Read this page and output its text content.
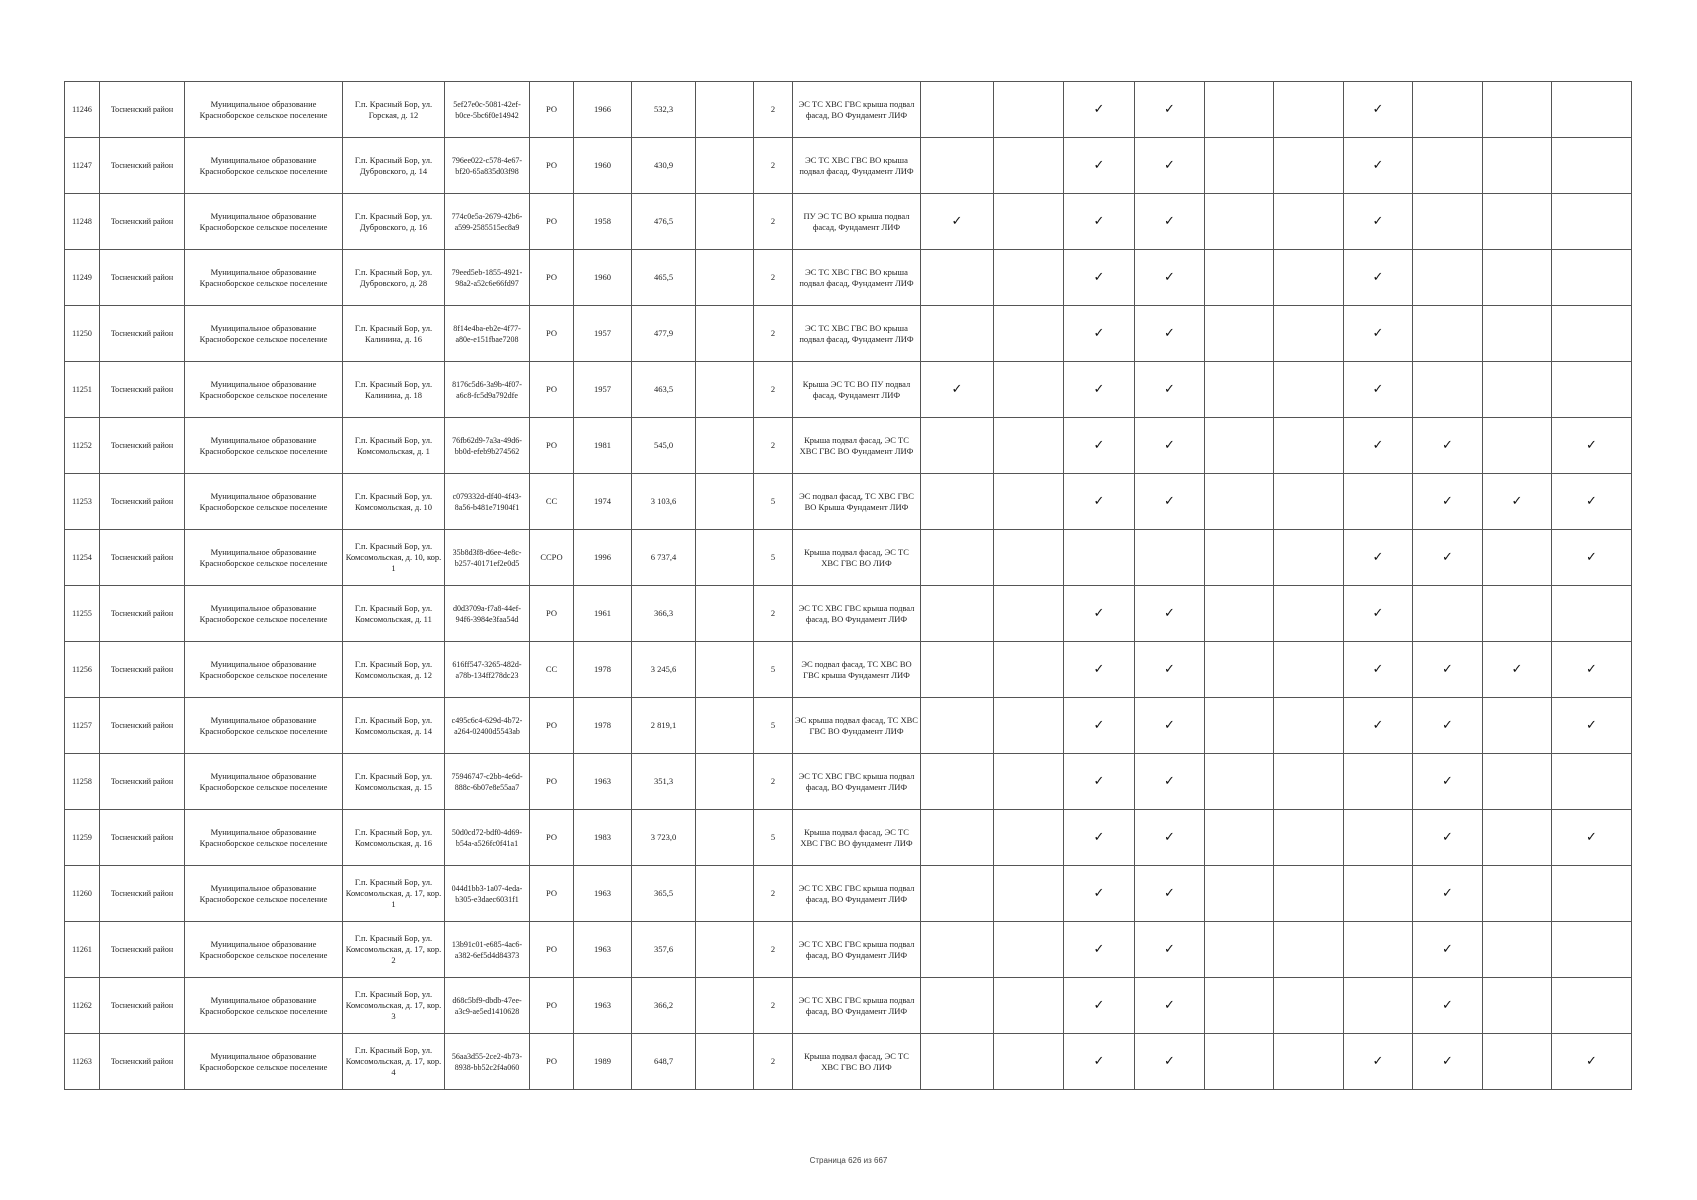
11246	Тосненский район	Муниципальное образование Красноборское сельское поселение	Г.п. Красный Бор, ул. Горская, д. 12	5ef27e0c-5081-42ef-b0ce-5bc6f0e14942	РО	1966	532,3		2	ЭС ТС ХВС ГВС крыша подвал фасад, ВО Фундамент ЛИФ			✓	✓			✓			
11247	Тосненский район	Муниципальное образование Красноборское сельское поселение	Г.п. Красный Бор, ул. Дубровского, д. 14	796ee022-c578-4e67-bf20-65a835d03f98	РО	1960	430,9		2	ЭС ТС ХВС ГВС ВО крыша подвал фасад, Фундамент ЛИФ			✓	✓			✓			
11248	Тосненский район	Муниципальное образование Красноборское сельское поселение	Г.п. Красный Бор, ул. Дубровского, д. 16	774c0e5a-2679-42b6-a599-2585515ec8a9	РО	1958	476,5		2	ПУ ЭС ТС ВО крыша подвал фасад, Фундамент ЛИФ	✓		✓	✓			✓			
11249	Тосненский район	Муниципальное образование Красноборское сельское поселение	Г.п. Красный Бор, ул. Дубровского, д. 28	79eed5eb-1855-4921-98a2-a52c6e66fd97	РО	1960	465,5		2	ЭС ТС ХВС ГВС ВО крыша подвал фасад, Фундамент ЛИФ			✓	✓			✓			
11250	Тосненский район	Муниципальное образование Красноборское сельское поселение	Г.п. Красный Бор, ул. Калинина, д. 16	8f14e4ba-eb2e-4f77-a80e-e151fbae7208	РО	1957	477,9		2	ЭС ТС ХВС ГВС ВО крыша подвал фасад, Фундамент ЛИФ			✓	✓			✓			
11251	Тосненский район	Муниципальное образование Красноборское сельское поселение	Г.п. Красный Бор, ул. Калинина, д. 18	8176c5d6-3a9b-4f07-a6c8-fc5d9a792dfe	РО	1957	463,5		2	Крыша ЭС ТС ВО ПУ подвал фасад, Фундамент ЛИФ	✓		✓	✓			✓			
11252	Тосненский район	Муниципальное образование Красноборское сельское поселение	Г.п. Красный Бор, ул. Комсомольская, д. 1	76fb62d9-7a3a-49d6-bb0d-efeb9b274562	РО	1981	545,0		2	Крыша подвал фасад, ЭС ТС ХВС ГВС ВО Фундамент ЛИФ			✓	✓			✓	✓		✓
11253	Тосненский район	Муниципальное образование Красноборское сельское поселение	Г.п. Красный Бор, ул. Комсомольская, д. 10	c079332d-df40-4f43-8a56-b481e71904f1	СС	1974	3 103,6		5	ЭС подвал фасад, ТС ХВС ГВС ВО Крыша Фундамент ЛИФ			✓	✓				✓	✓	✓
11254	Тосненский район	Муниципальное образование Красноборское сельское поселение	Г.п. Красный Бор, ул. Комсомольская, д. 10, кор. 1	35b8d3f8-d6ee-4e8c-b257-40171ef2e0d5	ССРО	1996	6 737,4		5	Крыша подвал фасад, ЭС ТС ХВС ГВС ВО ЛИФ							✓	✓		✓
11255	Тосненский район	Муниципальное образование Красноборское сельское поселение	Г.п. Красный Бор, ул. Комсомольская, д. 11	d0d3709a-f7a8-44ef-94f6-3984e3faa54d	РО	1961	366,3		2	ЭС ТС ХВС ГВС крыша подвал фасад, ВО Фундамент ЛИФ			✓	✓			✓			
11256	Тосненский район	Муниципальное образование Красноборское сельское поселение	Г.п. Красный Бор, ул. Комсомольская, д. 12	616ff547-3265-482d-a78b-134ff278dc23	СС	1978	3 245,6		5	ЭС подвал фасад, ТС ХВС ВО ГВС крыша Фундамент ЛИФ			✓	✓			✓	✓	✓	✓
11257	Тосненский район	Муниципальное образование Красноборское сельское поселение	Г.п. Красный Бор, ул. Комсомольская, д. 14	c495c6c4-629d-4b72-a264-02400d5543ab	РО	1978	2 819,1		5	ЭС крыша подвал фасад, ТС ХВС ГВС ВО Фундамент ЛИФ			✓	✓			✓	✓		✓
11258	Тосненский район	Муниципальное образование Красноборское сельское поселение	Г.п. Красный Бор, ул. Комсомольская, д. 15	75946747-c2bb-4e6d-888c-6b07e8e55aa7	РО	1963	351,3		2	ЭС ТС ХВС ГВС крыша подвал фасад, ВО Фундамент ЛИФ			✓	✓				✓		
11259	Тосненский район	Муниципальное образование Красноборское сельское поселение	Г.п. Красный Бор, ул. Комсомольская, д. 16	50d0cd72-bdf0-4d69-b54a-a526fc0f41a1	РО	1983	3 723,0		5	Крыша подвал фасад, ЭС ТС ХВС ГВС ВО фундамент ЛИФ			✓	✓				✓		✓
11260	Тосненский район	Муниципальное образование Красноборское сельское поселение	Г.п. Красный Бор, ул. Комсомольская, д. 17, кор. 1	044d1bb3-1a07-4eda-b305-e3daec6031f1	РО	1963	365,5		2	ЭС ТС ХВС ГВС крыша подвал фасад, ВО Фундамент ЛИФ			✓	✓				✓		
11261	Тосненский район	Муниципальное образование Красноборское сельское поселение	Г.п. Красный Бор, ул. Комсомольская, д. 17, кор. 2	13b91c01-e685-4ac6-a382-6ef5d4d84373	РО	1963	357,6		2	ЭС ТС ХВС ГВС крыша подвал фасад, ВО Фундамент ЛИФ			✓	✓				✓		
11262	Тосненский район	Муниципальное образование Красноборское сельское поселение	Г.п. Красный Бор, ул. Комсомольская, д. 17, кор. 3	d68c5bf9-dbdb-47ee-a3c9-ae5ed1410628	РО	1963	366,2		2	ЭС ТС ХВС ГВС крыша подвал фасад, ВО Фундамент ЛИФ			✓	✓				✓		
11263	Тосненский район	Муниципальное образование Красноборское сельское поселение	Г.п. Красный Бор, ул. Комсомольская, д. 17, кор. 4	56aa3d55-2ce2-4b73-8938-bb52c2f4a060	РО	1989	648,7		2	Крыша подвал фасад, ЭС ТС ХВС ГВС ВО ЛИФ			✓	✓			✓	✓		✓
Страница 626 из 667
